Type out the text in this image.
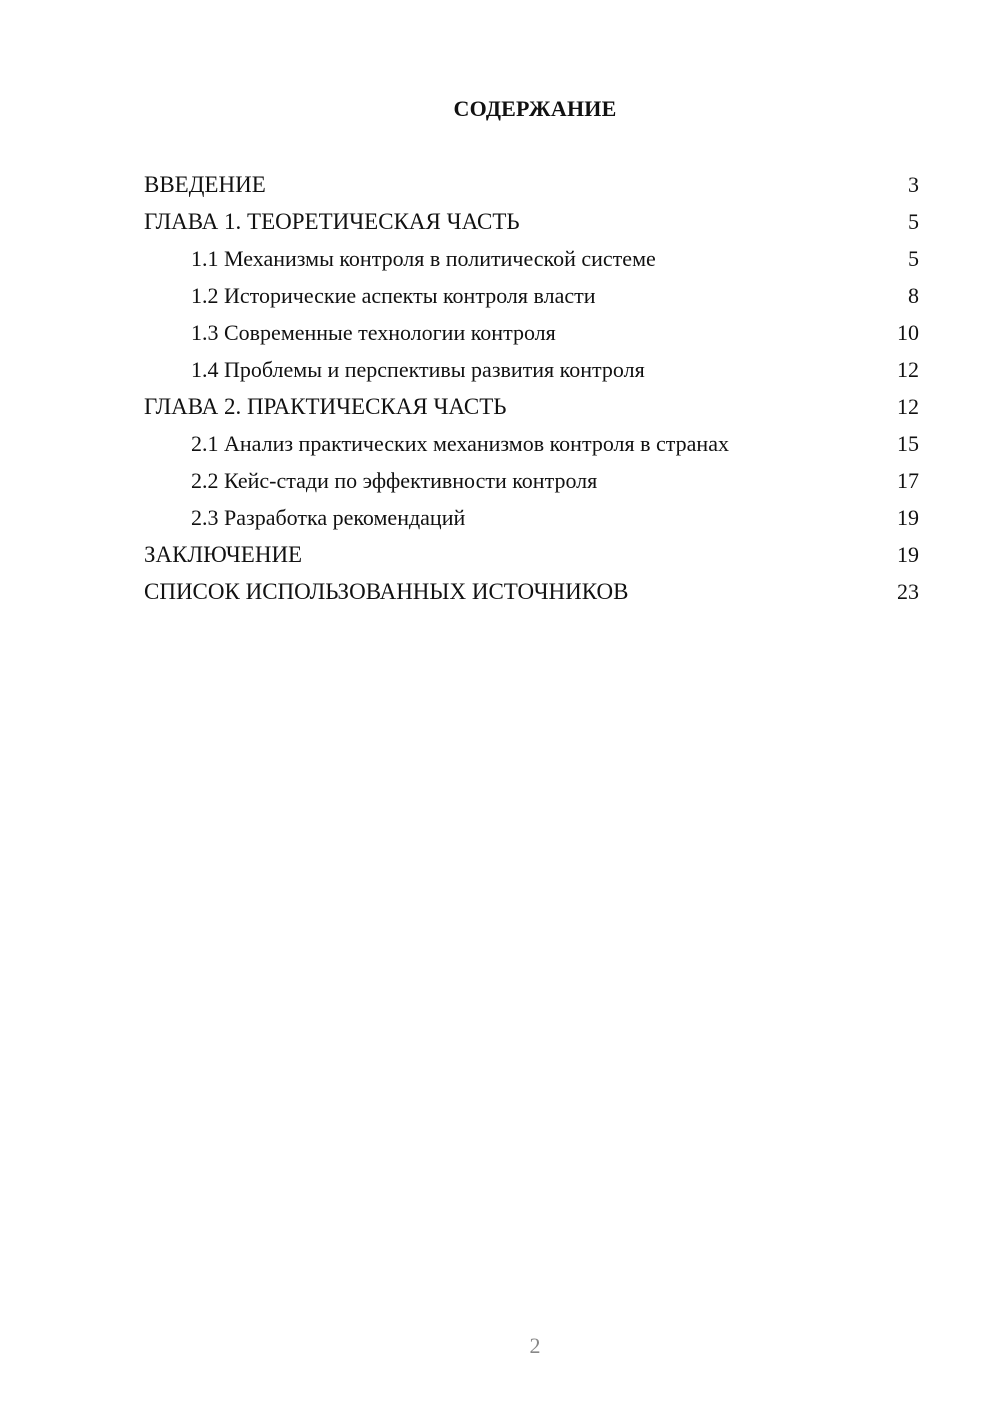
СОДЕРЖАНИЕ
ВВЕДЕНИЕ	3
ГЛАВА 1. ТЕОРЕТИЧЕСКАЯ ЧАСТЬ	5
1.1 Механизмы контроля в политической системе	5
1.2 Исторические аспекты контроля власти	8
1.3 Современные технологии контроля	10
1.4 Проблемы и перспективы развития контроля	12
ГЛАВА 2. ПРАКТИЧЕСКАЯ ЧАСТЬ	12
2.1 Анализ практических механизмов контроля в странах	15
2.2 Кейс-стади по эффективности контроля	17
2.3 Разработка рекомендаций	19
ЗАКЛЮЧЕНИЕ	19
СПИСОК ИСПОЛЬЗОВАННЫХ ИСТОЧНИКОВ	23
2
